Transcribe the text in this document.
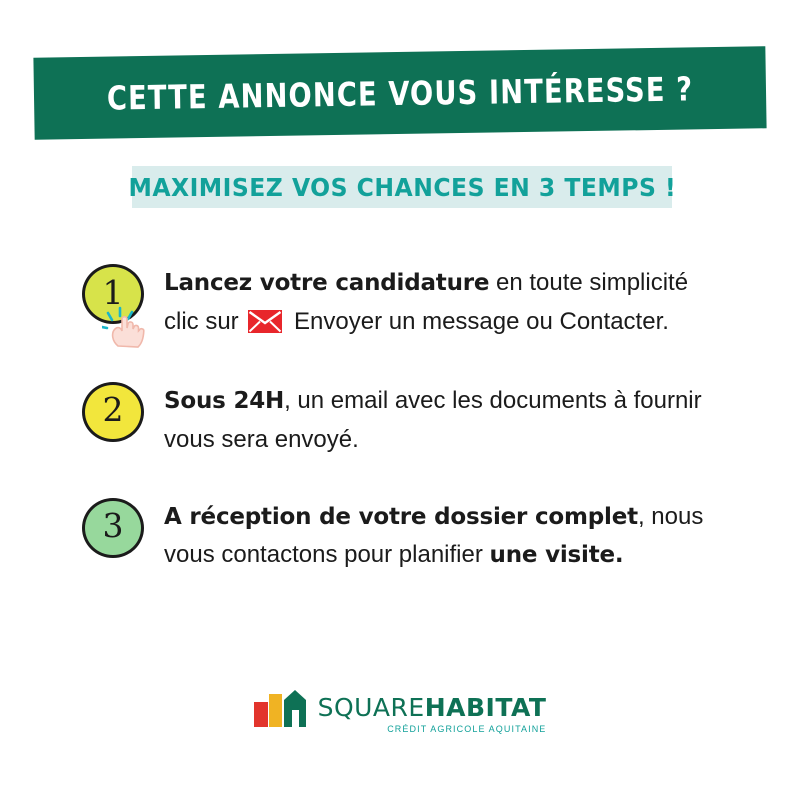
CETTE ANNONCE VOUS INTÉRESSE ?
MAXIMISEZ VOS CHANCES EN 3 TEMPS !
1 Lancez votre candidature en toute simplicité
clic sur Envoyer un message ou Contacter.
2 Sous 24H, un email avec les documents à fournir
vous sera envoyé.
3 A réception de votre dossier complet, nous
vous contactons pour planifier une visite.
SQUAREHABITAT
CRÉDIT AGRICOLE AQUITAINE
